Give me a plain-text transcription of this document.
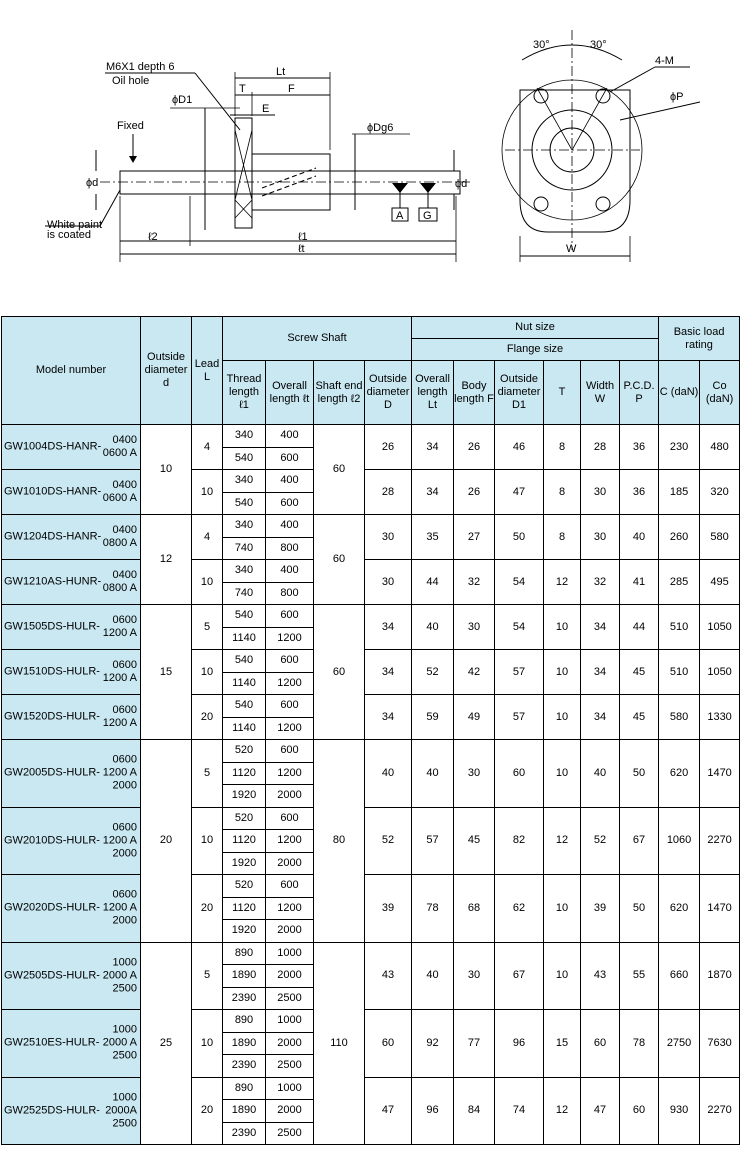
M6X1 depth 6
Oil hole
Fixed
White paint
is coated
ϕD1
ϕDg6
ϕd	ϕd
Lt
T	F
E
ℓ2	ℓ1
ℓt
A G
30°	30°
4-M
ϕP
W
Model number	Outside diameter d	Lead L	Screw Shaft				Nut size						Basic load rating	
							Flange size							
			Thread length ℓ1	Overall length ℓt	Shaft end length ℓ2	Outside diameter D	Overall length Lt	Body length F	Outside diameter D1	T	Width W	P.C.D. P	C (daN)	Co (daN)

GW1004DS-HANR-
0400
0600 A	10	4	340	400	60	26	34	26	46	8	28	36	230	480
			540	600										

GW1010DS-HANR-
0400
0600 A		10	340	400		28	34	26	47	8	30	36	185	320
			540	600										

GW1204DS-HANR-
0400
0800 A	12	4	340	400	60	30	35	27	50	8	30	40	260	580
			740	800										

GW1210AS-HUNR-
0400
0800 A		10	340	400		30	44	32	54	12	32	41	285	495
			740	800										

GW1505DS-HULR-
0600
1200 A	15	5	540	600	60	34	40	30	54	10	34	44	510	1050
			1140	1200										

GW1510DS-HULR-
0600
1200 A		10	540	600		34	52	42	57	10	34	45	510	1050
			1140	1200										

GW1520DS-HULR-
0600
1200 A		20	540	600		34	59	49	57	10	34	45	580	1330
			1140	1200										

GW2005DS-HULR-
0600
1200 A
2000	20	5	520	600	80	40	40	30	60	10	40	50	620	1470
			1120	1200										
			1920	2000										

GW2010DS-HULR-
0600
1200 A
2000		10	520	600		52	57	45	82	12	52	67	1060	2270
			1120	1200										
			1920	2000										

GW2020DS-HULR-
0600
1200 A
2000		20	520	600		39	78	68	62	10	39	50	620	1470
			1120	1200										
			1920	2000										

GW2505DS-HULR-
1000
2000 A
2500	25	5	890	1000	110	43	40	30	67	10	43	55	660	1870
			1890	2000										
			2390	2500										

GW2510ES-HULR-
1000
2000 A
2500		10	890	1000		60	92	77	96	15	60	78	2750	7630
			1890	2000										
			2390	2500										

GW2525DS-HULR-
1000
2000A
2500		20	890	1000		47	96	84	74	12	47	60	930	2270
			1890	2000										
			2390	2500										
